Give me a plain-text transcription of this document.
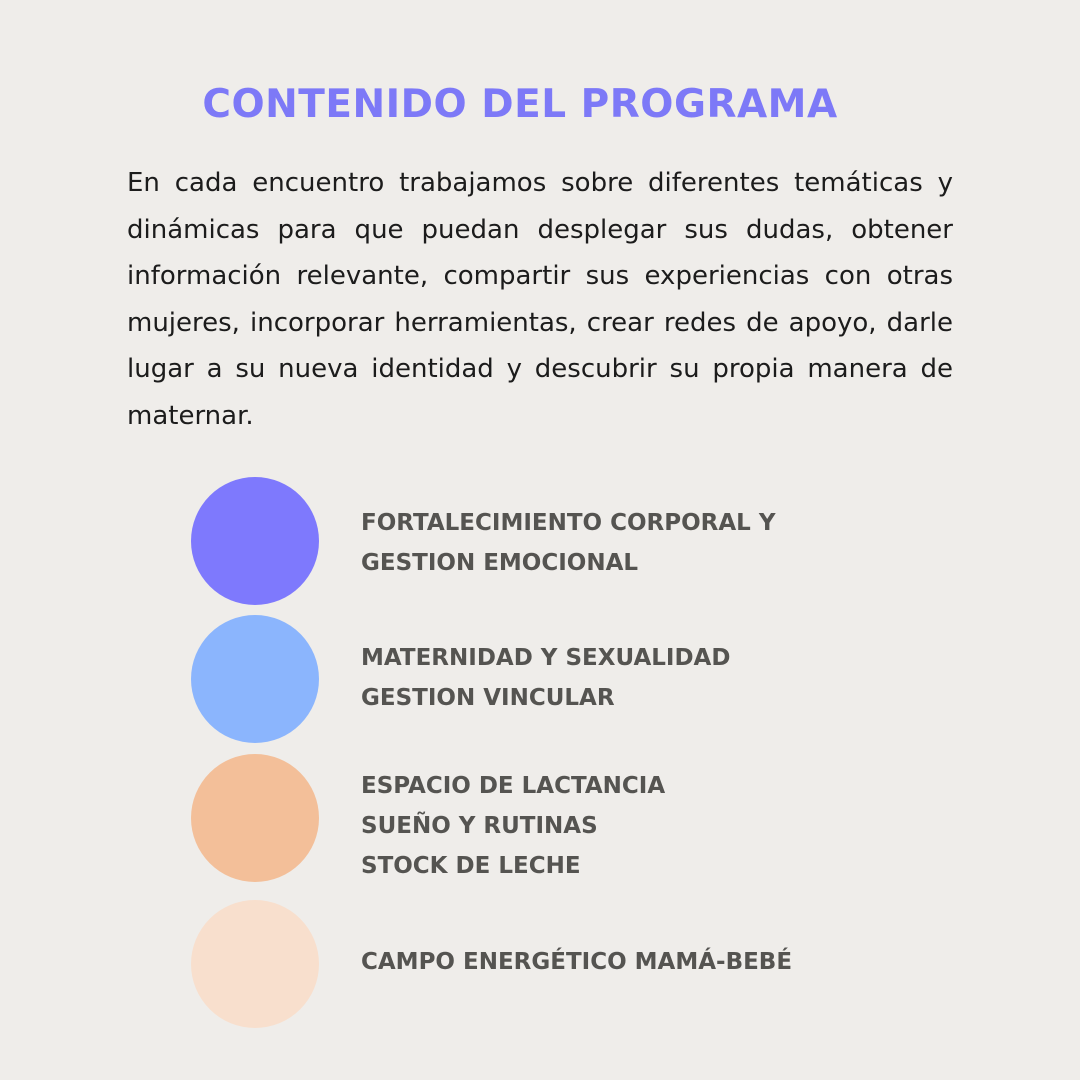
CONTENIDO DEL PROGRAMA

En cada encuentro trabajamos sobre diferentes temáticas y dinámicas para que puedan desplegar sus dudas, obtener información relevante, compartir sus experiencias con otras mujeres, incorporar herramientas, crear redes de apoyo, darle lugar a su nueva identidad y descubrir su propia manera de maternar.

FORTALECIMIENTO CORPORAL Y
GESTION EMOCIONAL
MATERNIDAD Y SEXUALIDAD
GESTION VINCULAR
ESPACIO DE LACTANCIA
SUEÑO Y RUTINAS
STOCK DE LECHE
CAMPO ENERGÉTICO MAMÁ-BEBÉ
